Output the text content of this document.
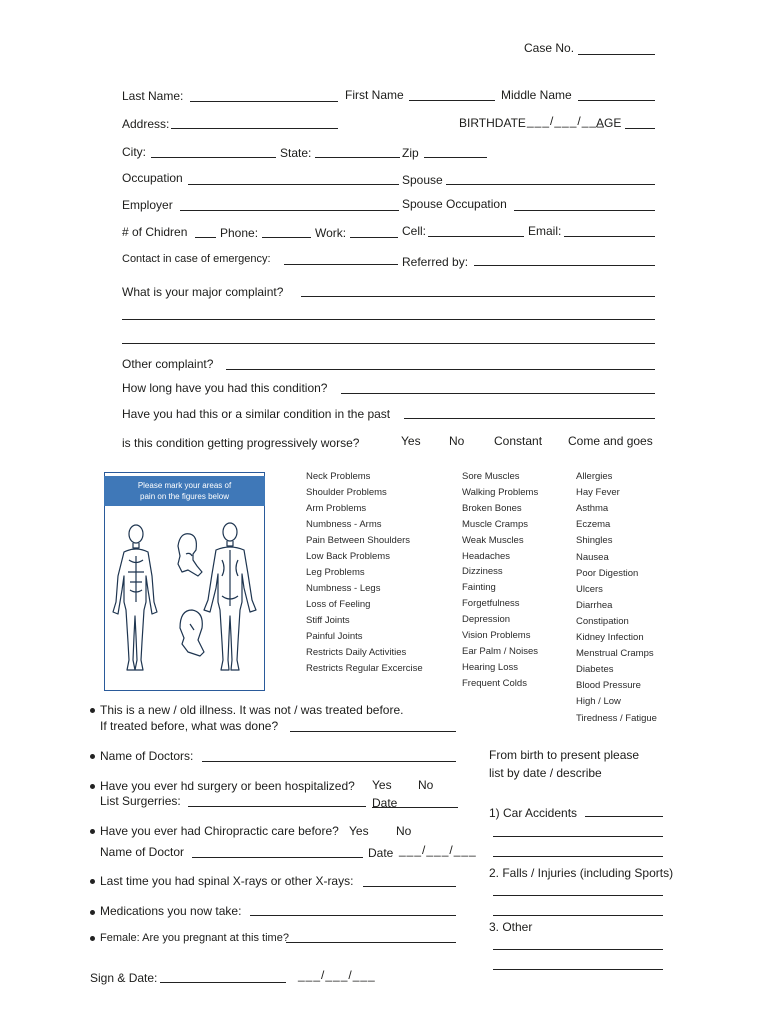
Case No.
Last Name:	First Name	Middle Name
Address:	BIRTHDATE ___/___/___
AGE
City:	State:	Zip
Occupation	Spouse
Employer	Spouse Occupation
# of Chidren	Phone:	Work:	Cell:	Email:
Contact in case of emergency:	Referred by:
What is your major complaint?
Other complaint?
How long have you had this condition?
Have you had this or a similar condition in the past
is this condition getting progressively worse?	Yes No Constant Come and goes
Please mark your areas of
pain on the figures below
Neck Problems
Shoulder Problems
Arm Problems
Numbness - Arms
Pain Between Shoulders
Low Back Problems
Leg Problems
Numbness - Legs
Loss of Feeling
Stiff Joints
Painful Joints
Restricts Daily Activities
Restricts Regular Excercise
Sore Muscles
Walking Problems
Broken Bones
Muscle Cramps
Weak Muscles
Headaches
Dizziness
Fainting
Forgetfulness
Depression
Vision Problems
Ear Palm / Noises
Hearing Loss
Frequent Colds
Allergies
Hay Fever
Asthma
Eczema
Shingles
Nausea
Poor Digestion
Ulcers
Diarrhea
Constipation
Kidney Infection
Menstrual Cramps
Diabetes
Blood Pressure
High / Low
Tiredness / Fatigue
This is a new / old illness. It was not / was treated before.
If treated before, what was done?
Name of Doctors:
Have you ever hd surgery or been hospitalized? Yes No
List Surgerries:	Date
Have you ever had Chiropractic care before? Yes No
Name of Doctor	Date ___/___/___
Last time you had spinal X-rays or other X-rays:
Medications you now take:
Female: Are you pregnant at this time?
Sign & Date:	___/___/___
From birth to present please
list by date / describe
1) Car Accidents
2. Falls / Injuries (including Sports)
3. Other
